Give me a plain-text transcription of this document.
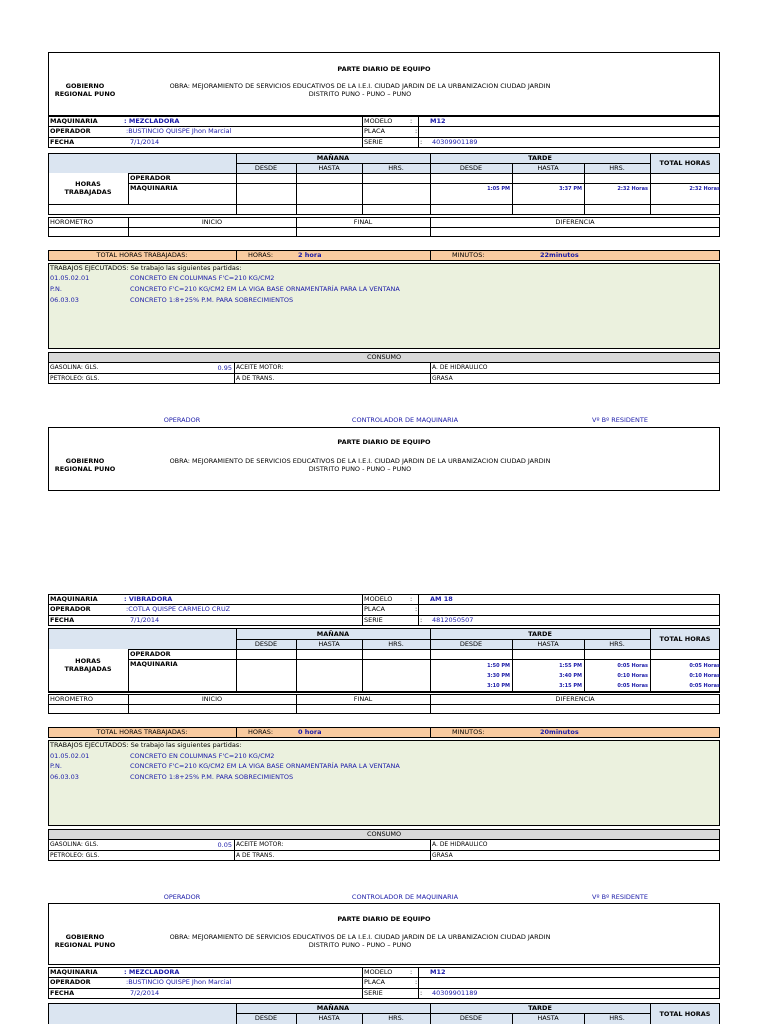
PARTE DIARIO DE EQUIPO
GOBIERNO
REGIONAL PUNO
OBRA: MEJORAMIENTO DE SERVICIOS EDUCATIVOS DE LA I.E.I. CIUDAD JARDIN DE LA URBANIZACION CIUDAD JARDIN
DISTRITO PUNO - PUNO – PUNO
MAQUINARIA	: MEZCLADORA
OPERADOR	:BUSTINCIO QUISPE Jhon Marcial
FECHA	7/1/2014
MODELO	:	M12
PLACA	:
SERIE	: 40309901189
MAÑANA	TARDE
TOTAL HORAS
DESDE	HASTA	HRS.	DESDE	HASTA	HRS.
HORAS
TRABAJADAS
OPERADOR
MAQUINARIA	1:05 PM	3:37 PM	2:32 Horas	2:32 Horas
HOROMETRO	INICIO	FINAL	DIFERENCIA
TOTAL HORAS TRABAJADAS:	HORAS:	2 hora	MINUTOS:	22minutos
TRABAJOS EJECUTADOS: Se trabajo las siguientes partidas:
01.05.02.01	CONCRETO EN COLUMNAS F'C=210 KG/CM2
P.N.	CONCRETO F'C=210 KG/CM2 EM LA VIGA BASE ORNAMENTARÍA PARA LA VENTANA
06.03.03	CONCRETO 1:8+25% P.M. PARA SOBRECIMIENTOS
CONSUMO
GASOLINA: GLS.	0.95 ACEITE MOTOR:	A. DE HIDRAULICO
PETROLEO: GLS.	A DE TRANS.	GRASA
OPERADOR	CONTROLADOR DE MAQUINARIA	Vº Bº RESIDENTE
PARTE DIARIO DE EQUIPO
GOBIERNO
REGIONAL PUNO
OBRA: MEJORAMIENTO DE SERVICIOS EDUCATIVOS DE LA I.E.I. CIUDAD JARDIN DE LA URBANIZACION CIUDAD JARDIN
DISTRITO PUNO - PUNO – PUNO
MAQUINARIA	: VIBRADORA
OPERADOR	:COTLA QUISPE CARMELO CRUZ
FECHA	7/1/2014
MODELO	:	AM 18
PLACA	:
SERIE	: 4812050507
MAÑANA	TARDE
TOTAL HORAS
DESDE	HASTA	HRS.	DESDE	HASTA	HRS.
HORAS
TRABAJADAS
OPERADOR
MAQUINARIA	1:50 PM	1:55 PM	0:05 Horas	0:05 Horas
3:30 PM	3:40 PM	0:10 Horas	0:10 Horas
3:10 PM	3:15 PM	0:05 Horas	0:05 Horas
HOROMETRO	INICIO	FINAL	DIFERENCIA
TOTAL HORAS TRABAJADAS:	HORAS:	0 hora	MINUTOS:	20minutos
TRABAJOS EJECUTADOS: Se trabajo las siguientes partidas:
01.05.02.01	CONCRETO EN COLUMNAS F'C=210 KG/CM2
P.N.	CONCRETO F'C=210 KG/CM2 EM LA VIGA BASE ORNAMENTARÍA PARA LA VENTANA
06.03.03	CONCRETO 1:8+25% P.M. PARA SOBRECIMIENTOS
CONSUMO
GASOLINA: GLS.	0.05 ACEITE MOTOR:	A. DE HIDRAULICO
PETROLEO: GLS.	A DE TRANS.	GRASA
OPERADOR	CONTROLADOR DE MAQUINARIA	Vº Bº RESIDENTE
PARTE DIARIO DE EQUIPO
GOBIERNO
REGIONAL PUNO
OBRA: MEJORAMIENTO DE SERVICIOS EDUCATIVOS DE LA I.E.I. CIUDAD JARDIN DE LA URBANIZACION CIUDAD JARDIN
DISTRITO PUNO - PUNO – PUNO
MAQUINARIA	: MEZCLADORA
OPERADOR	:BUSTINCIO QUISPE Jhon Marcial
FECHA	7/2/2014
MODELO	:	M12
PLACA	:
SERIE	: 40309901189
MAÑANA	TARDE
TOTAL HORAS
DESDE	HASTA	HRS.	DESDE	HASTA	HRS.
